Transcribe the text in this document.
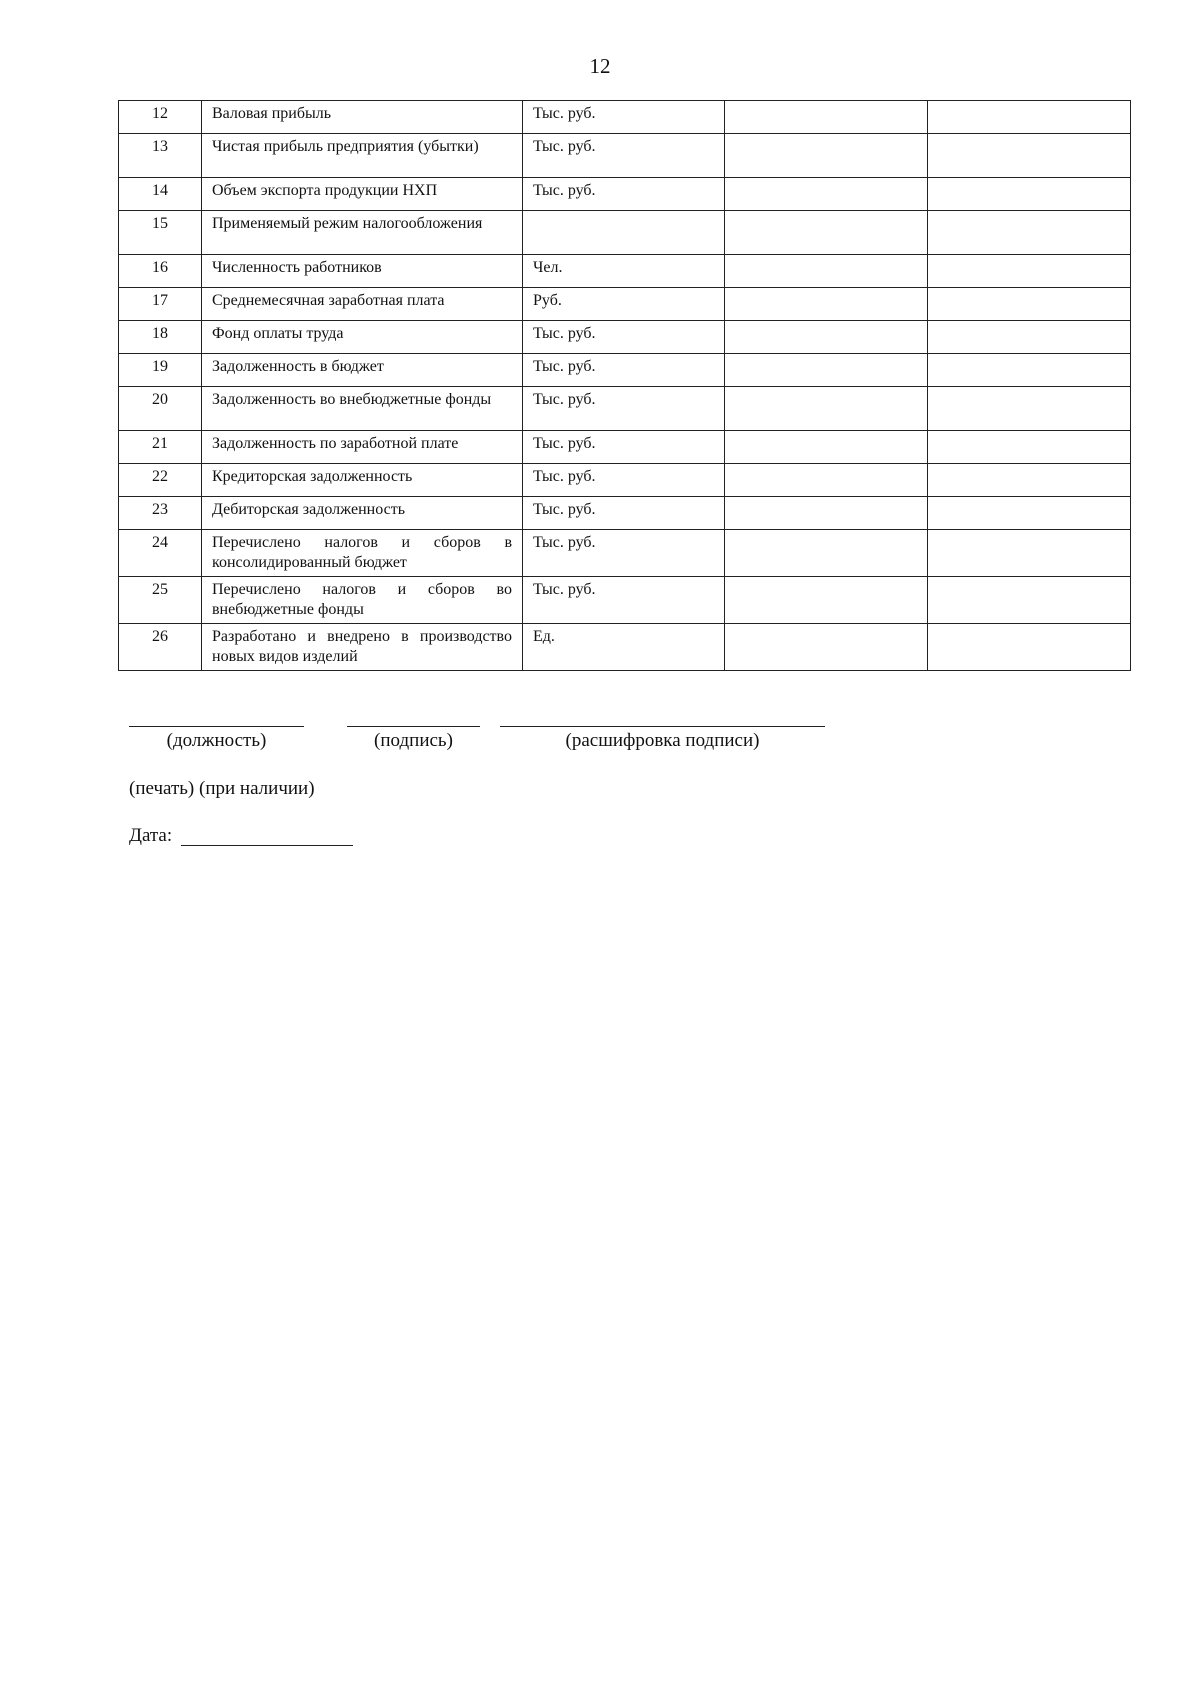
12
12	Валовая прибыль	Тыс. руб.		
13	Чистая прибыль предприятия (убытки)	Тыс. руб.		
14	Объем экспорта продукции НХП	Тыс. руб.		
15	Применяемый режим налогообложения			
16	Численность работников	Чел.		
17	Среднемесячная заработная плата	Руб.		
18	Фонд оплаты труда	Тыс. руб.		
19	Задолженность в бюджет	Тыс. руб.		
20	Задолженность во внебюджетные фонды	Тыс. руб.		
21	Задолженность по заработной плате	Тыс. руб.		
22	Кредиторская задолженность	Тыс. руб.		
23	Дебиторская задолженность	Тыс. руб.		
24	Перечислено налогов и сборов в консолидированный бюджет	Тыс. руб.		
25	Перечислено налогов и сборов во внебюджетные фонды	Тыс. руб.		
26	Разработано и внедрено в производство новых видов изделий	Ед.		
(должность)	(подпись)	(расшифровка подписи)
(печать) (при наличии)
Дата:
